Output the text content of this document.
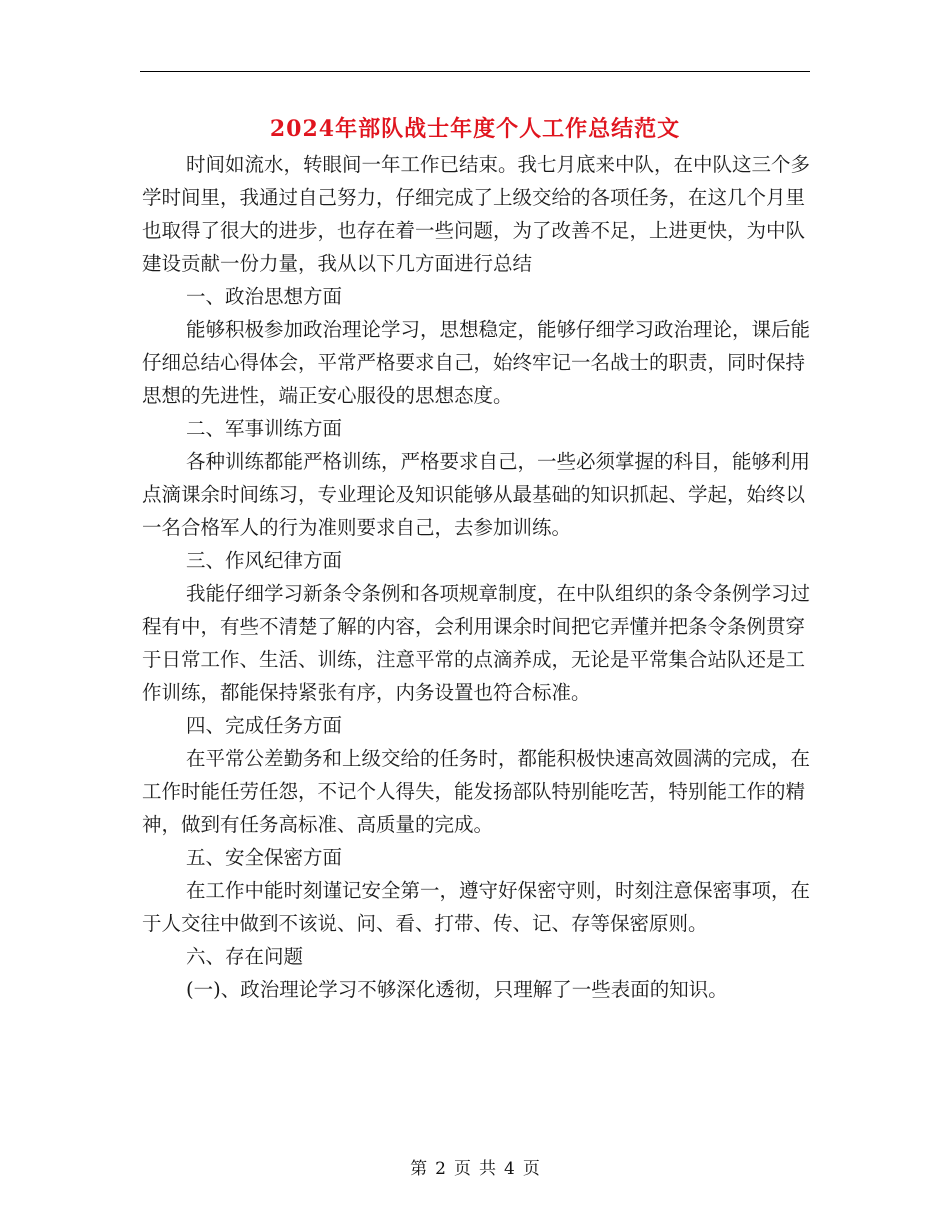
2024年部队战士年度个人工作总结范文

时间如流水，转眼间一年工作已结束。我七月底来中队，在中队这三个多学时间里，我通过自己努力，仔细完成了上级交给的各项任务，在这几个月里也取得了很大的进步，也存在着一些问题，为了改善不足，上进更快，为中队建设贡献一份力量，我从以下几方面进行总结

一、政治思想方面

能够积极参加政治理论学习，思想稳定，能够仔细学习政治理论，课后能仔细总结心得体会，平常严格要求自己，始终牢记一名战士的职责，同时保持思想的先进性，端正安心服役的思想态度。

二、军事训练方面

各种训练都能严格训练，严格要求自己，一些必须掌握的科目，能够利用点滴课余时间练习，专业理论及知识能够从最基础的知识抓起、学起，始终以一名合格军人的行为准则要求自己，去参加训练。

三、作风纪律方面

我能仔细学习新条令条例和各项规章制度，在中队组织的条令条例学习过程有中，有些不清楚了解的内容，会利用课余时间把它弄懂并把条令条例贯穿于日常工作、生活、训练，注意平常的点滴养成，无论是平常集合站队还是工作训练，都能保持紧张有序，内务设置也符合标准。

四、完成任务方面

在平常公差勤务和上级交给的任务时，都能积极快速高效圆满的完成，在工作时能任劳任怨，不记个人得失，能发扬部队特别能吃苦，特别能工作的精神，做到有任务高标准、高质量的完成。

五、安全保密方面

在工作中能时刻谨记安全第一，遵守好保密守则，时刻注意保密事项，在于人交往中做到不该说、问、看、打带、传、记、存等保密原则。

六、存在问题

(一)、政治理论学习不够深化透彻，只理解了一些表面的知识。

第 2 页 共 4 页
